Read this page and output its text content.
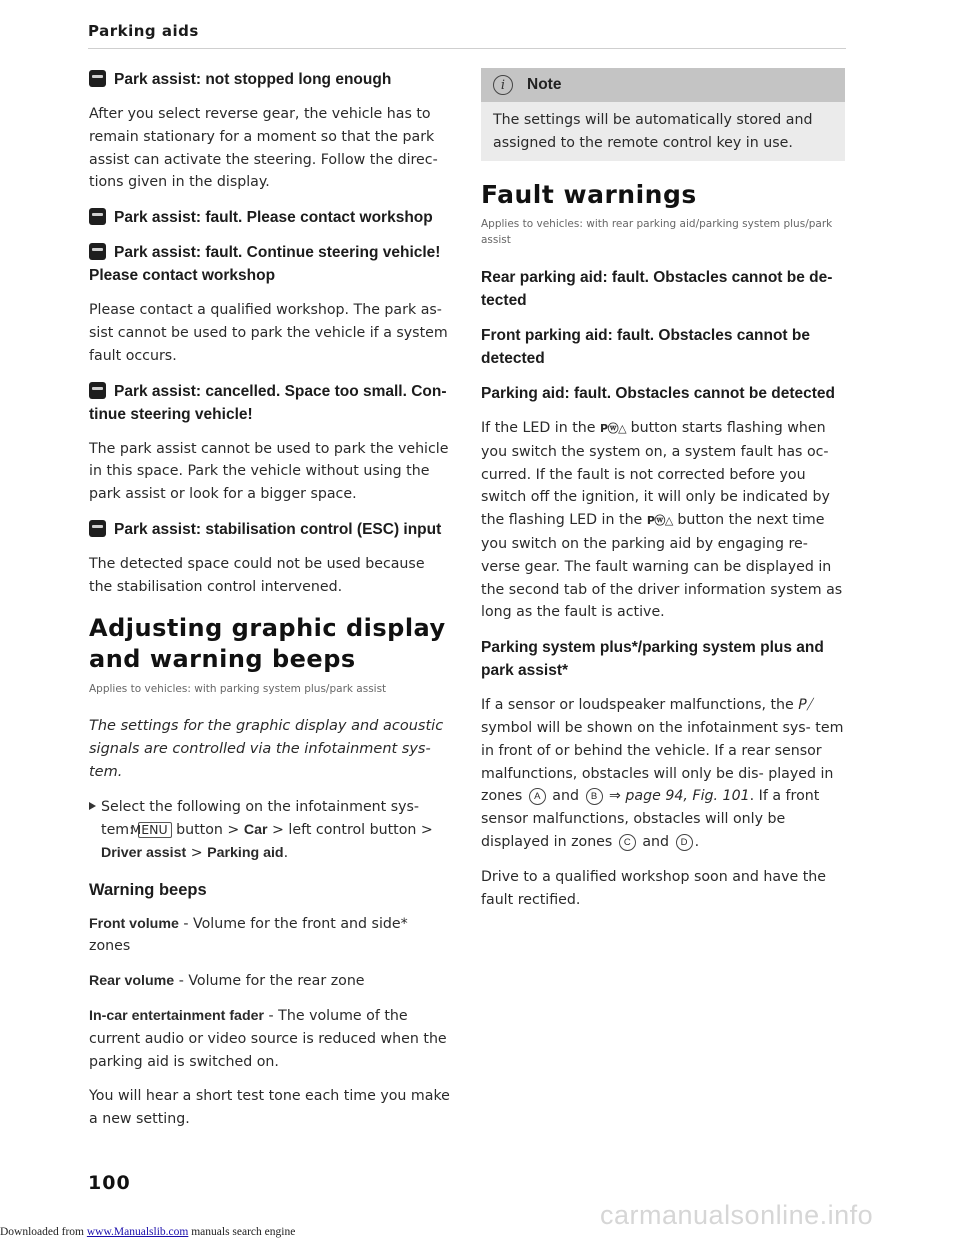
Parking aids
Park assist: not stopped long enough

After you select reverse gear, the vehicle has to remain stationary for a moment so that the park assist can activate the steering. Follow the direc- tions given in the display.

Park assist: fault. Please contact workshop
Park assist: fault. Continue steering vehicle! Please contact workshop

Please contact a qualified workshop. The park as- sist cannot be used to park the vehicle if a system fault occurs.

Park assist: cancelled. Space too small. Con- tinue steering vehicle!

The park assist cannot be used to park the vehicle in this space. Park the vehicle without using the park assist or look for a bigger space.

Park assist: stabilisation control (ESC) input

The detected space could not be used because the stabilisation control intervened.

Adjusting graphic display and warning beeps
Applies to vehicles: with parking system plus/park assist

The settings for the graphic display and acoustic signals are controlled via the infotainment sys- tem.

Select the following on the infotainment sys- tem: MENU button > Car > left control button > Driver assist > Parking aid.
Warning beeps

Front volume - Volume for the front and side* zones

Rear volume - Volume for the rear zone

In-car entertainment fader - The volume of the current audio or video source is reduced when the parking aid is switched on.

You will hear a short test tone each time you make a new setting.

i	Note
The settings will be automatically stored and assigned to the remote control key in use.
Fault warnings
Applies to vehicles: with rear parking aid/parking system plus/park assist
Rear parking aid: fault. Obstacles cannot be de- tected
Front parking aid: fault. Obstacles cannot be detected
Parking aid: fault. Obstacles cannot be detected

If the LED in the Pⓦ△ button starts flashing when you switch the system on, a system fault has oc- curred. If the fault is not corrected before you switch off the ignition, it will only be indicated by the flashing LED in the Pⓦ△ button the next time you switch on the parking aid by engaging re- verse gear. The fault warning can be displayed in the second tab of the driver information system as long as the fault is active.

Parking system plus*/parking system plus and park assist*

If a sensor or loudspeaker malfunctions, the P⧸ symbol will be shown on the infotainment sys- tem in front of or behind the vehicle. If a rear sensor malfunctions, obstacles will only be dis- played in zones A and B ⇒ page 94, Fig. 101. If a front sensor malfunctions, obstacles will only be displayed in zones C and D .

Drive to a qualified workshop soon and have the fault rectified.

100
Downloaded from www.Manualslib.com manuals search engine
carmanualsonline.info
